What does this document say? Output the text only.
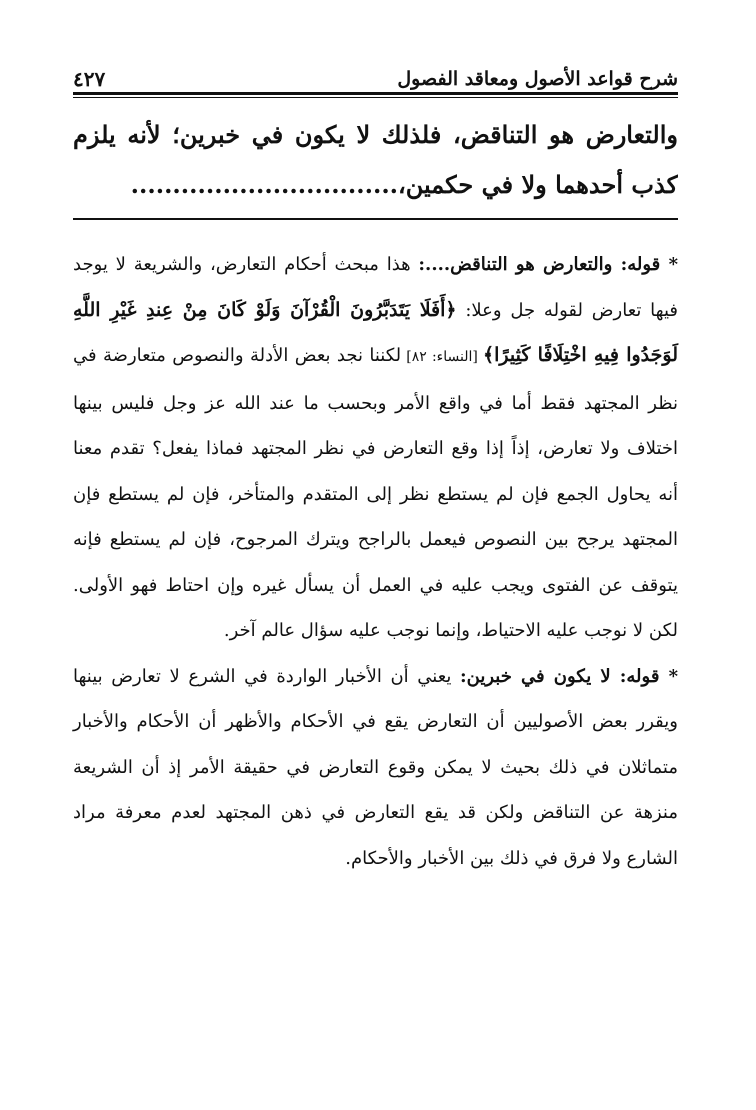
شرح قواعد الأصول ومعاقد الفصول
٤٢٧
والتعارض هو التناقض، فلذلك لا يكون في خبرين؛ لأنه يلزم
كذب أحدهما ولا في حكمين،................................

* قوله: والتعارض هو التناقض....: هذا مبحث أحكام التعارض، والشريعة لا يوجد فيها تعارض لقوله جل وعلا: ﴿أَفَلَا يَتَدَبَّرُونَ الْقُرْآنَ وَلَوْ كَانَ مِنْ عِندِ غَيْرِ اللَّهِ لَوَجَدُوا فِيهِ اخْتِلَافًا كَثِيرًا﴾ [النساء: ٨٢] لكننا نجد بعض الأدلة والنصوص متعارضة في نظر المجتهد فقط أما في واقع الأمر وبحسب ما عند الله عز وجل فليس بينها اختلاف ولا تعارض، إذاً إذا وقع التعارض في نظر المجتهد فماذا يفعل؟ تقدم معنا أنه يحاول الجمع فإن لم يستطع نظر إلى المتقدم والمتأخر، فإن لم يستطع فإن المجتهد يرجح بين النصوص فيعمل بالراجح ويترك المرجوح، فإن لم يستطع فإنه يتوقف عن الفتوى ويجب عليه في العمل أن يسأل غيره وإن احتاط فهو الأولى. لكن لا نوجب عليه الاحتياط، وإنما نوجب عليه سؤال عالم آخر.

* قوله: لا يكون في خبرين: يعني أن الأخبار الواردة في الشرع لا تعارض بينها ويقرر بعض الأصوليين أن التعارض يقع في الأحكام والأظهر أن الأحكام والأخبار متماثلان في ذلك بحيث لا يمكن وقوع التعارض في حقيقة الأمر إذ أن الشريعة منزهة عن التناقض ولكن قد يقع التعارض في ذهن المجتهد لعدم معرفة مراد الشارع ولا فرق في ذلك بين الأخبار والأحكام.
